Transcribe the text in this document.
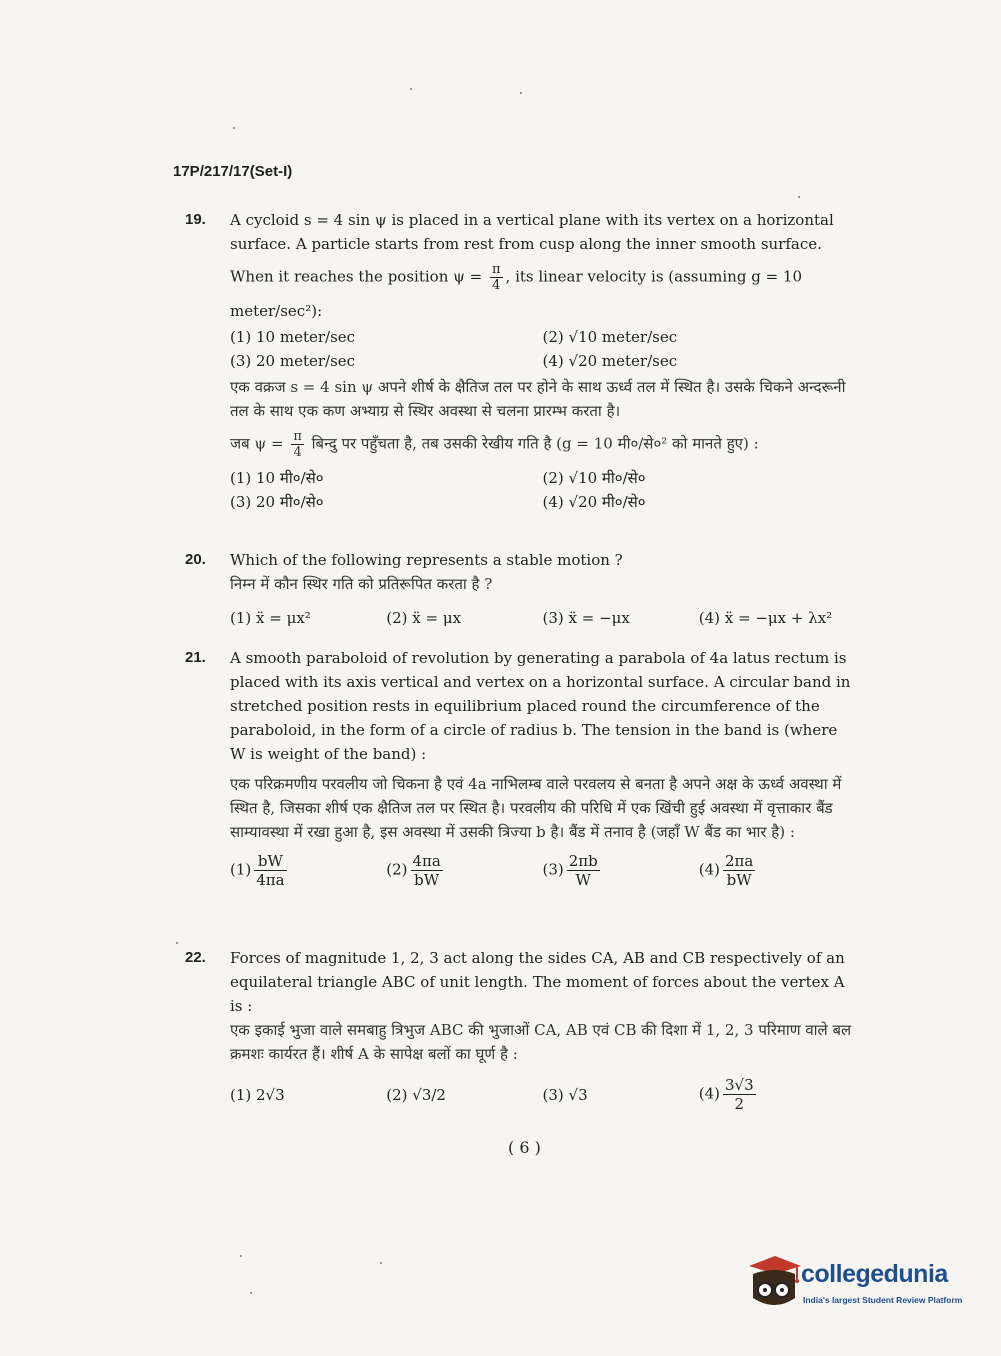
17P/217/17(Set-I)
19. A cycloid s = 4 sin ψ is placed in a vertical plane with its vertex on a horizontal surface. A particle starts from rest from cusp along the inner smooth surface.

When it reaches the position $\psi = \frac{\pi}{4}$ , its linear velocity is (assuming g = 10

meter/sec²):

(1) 10 meter/sec	(2) √10 meter/sec
(3) 20 meter/sec	(4) √20 meter/sec

एक वक्रज s = 4 sin ψ अपने शीर्ष के क्षैतिज तल पर होने के साथ ऊर्ध्व तल में स्थित है। उसके चिकने अन्दरूनी तल के साथ एक कण अभ्याग्र से स्थिर अवस्था से चलना प्रारम्भ करता है।

जब $\psi = \frac{\pi}{4}$ बिन्दु पर पहुँचता है, तब उसकी रेखीय गति है (g = 10 मी०/से०² को मानते हुए) :

(1) 10 मी०/से०	(2) √10 मी०/से०
(3) 20 मी०/से०	(4) √20 मी०/से०
20. Which of the following represents a stable motion ?

निम्न में कौन स्थिर गति को प्रतिरूपित करता है ?

(1) ẍ = μx²	(2) ẍ = μx	(3) ẍ = −μx	(4) ẍ = −μx + λx²
21. A smooth paraboloid of revolution by generating a parabola of 4a latus rectum is placed with its axis vertical and vertex on a horizontal surface. A circular band in stretched position rests in equilibrium placed round the circumference of the paraboloid, in the form of a circle of radius b. The tension in the band is (where W is weight of the band) :

एक परिक्रमणीय परवलीय जो चिकना है एवं 4a नाभिलम्ब वाले परवलय से बनता है अपने अक्ष के ऊर्ध्व अवस्था में स्थित है, जिसका शीर्ष एक क्षैतिज तल पर स्थित है। परवलीय की परिधि में एक खिंची हुई अवस्था में वृत्ताकार बैंड साम्यावस्था में रखा हुआ है, इस अवस्था में उसकी त्रिज्या b है। बैंड में तनाव है (जहाँ W बैंड का भार है) :

$(1) \frac{bW}{4\pi a}$	$(2) \frac{4\pi a}{bW}$	$(3) \frac{2\pi b}{W}$	$(4) \frac{2\pi a}{bW}$
22. Forces of magnitude 1, 2, 3 act along the sides CA, AB and CB respectively of an equilateral triangle ABC of unit length. The moment of forces about the vertex A is :

एक इकाई भुजा वाले समबाहु त्रिभुज ABC की भुजाओं CA, AB एवं CB की दिशा में 1, 2, 3 परिमाण वाले बल क्रमशः कार्यरत हैं। शीर्ष A के सापेक्ष बलों का घूर्ण है :

(1) 2√3	(2) √3/2	(3) √3	$(4) \frac{3√3}{2}$
( 6 )
collegedunia
India's largest Student Review Platform
